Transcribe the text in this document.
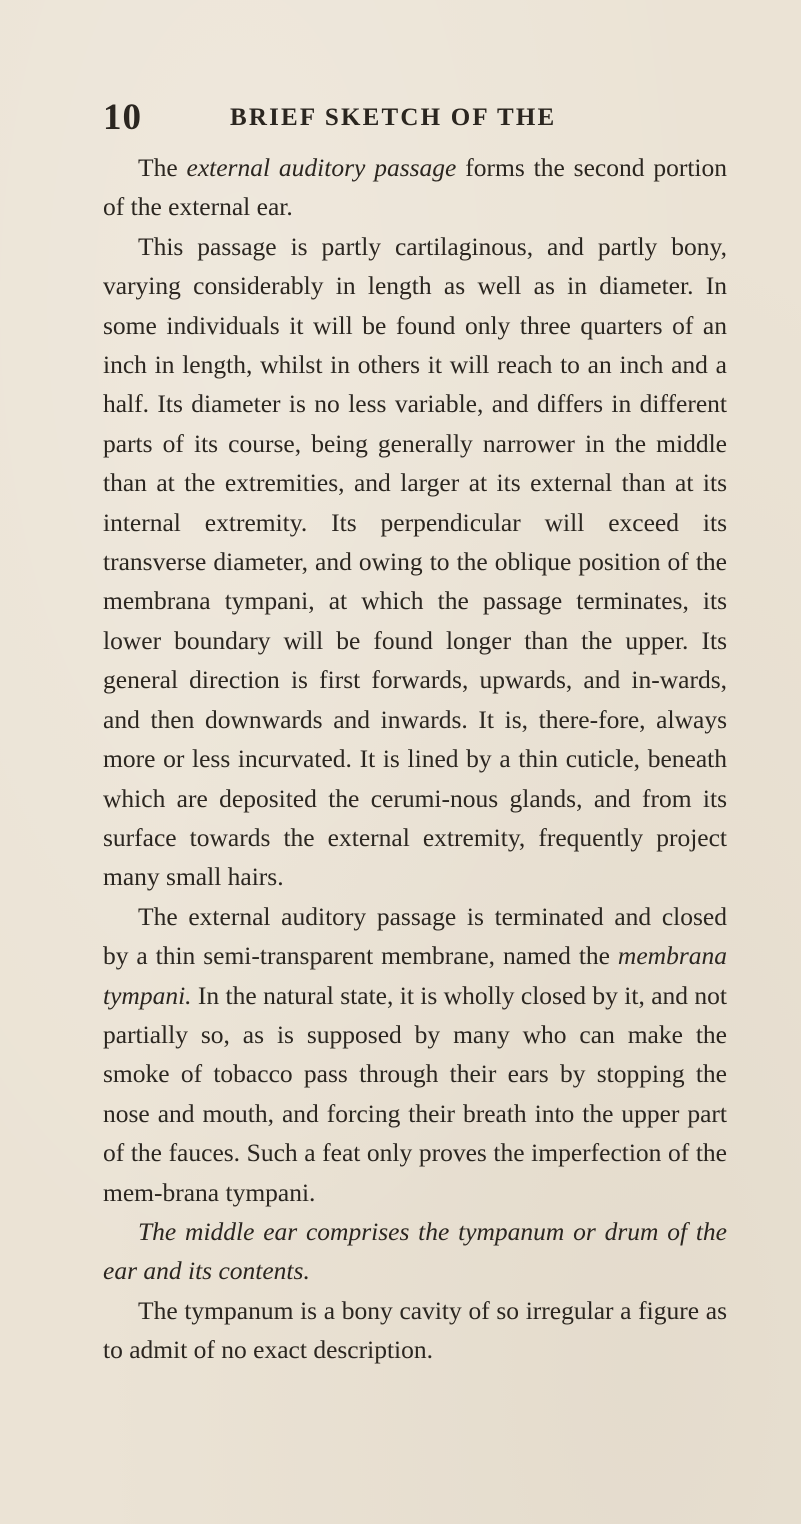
10	BRIEF SKETCH OF THE

The external auditory passage forms the second portion of the external ear.

This passage is partly cartilaginous, and partly bony, varying considerably in length as well as in diameter. In some individuals it will be found only three quarters of an inch in length, whilst in others it will reach to an inch and a half. Its diameter is no less variable, and differs in different parts of its course, being generally narrower in the middle than at the extremities, and larger at its external than at its internal extremity. Its perpendicular will exceed its transverse diameter, and owing to the oblique position of the membrana tympani, at which the passage terminates, its lower boundary will be found longer than the upper. Its general direction is first forwards, upwards, and in-wards, and then downwards and inwards. It is, there-fore, always more or less incurvated. It is lined by a thin cuticle, beneath which are deposited the cerumi-nous glands, and from its surface towards the external extremity, frequently project many small hairs.

The external auditory passage is terminated and closed by a thin semi-transparent membrane, named the membrana tympani. In the natural state, it is wholly closed by it, and not partially so, as is supposed by many who can make the smoke of tobacco pass through their ears by stopping the nose and mouth, and forcing their breath into the upper part of the fauces. Such a feat only proves the imperfection of the mem-brana tympani.

The middle ear comprises the tympanum or drum of the ear and its contents.

The tympanum is a bony cavity of so irregular a figure as to admit of no exact description.
